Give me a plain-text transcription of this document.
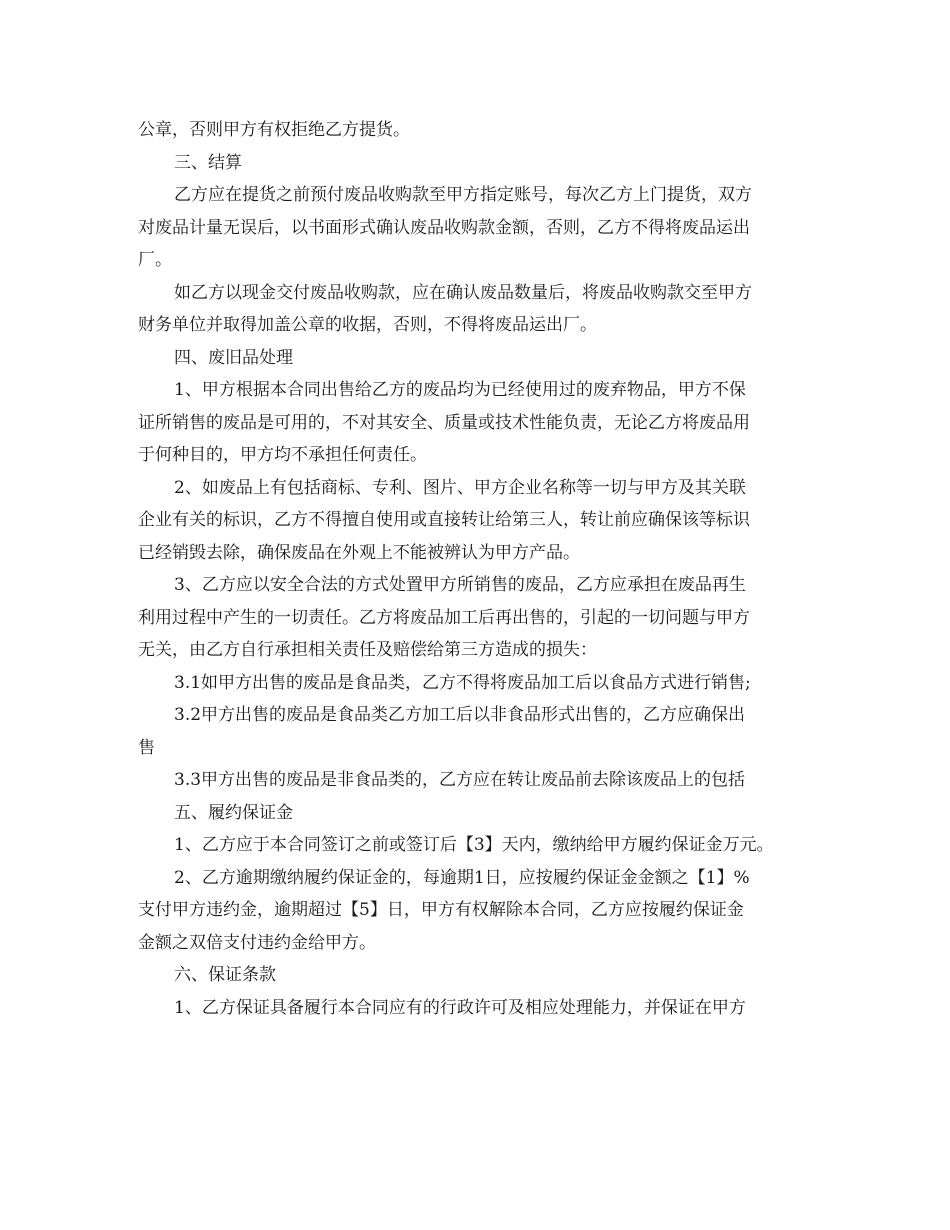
公章，否则甲方有权拒绝乙方提货。
三、结算
乙方应在提货之前预付废品收购款至甲方指定账号，每次乙方上门提货，双方
对废品计量无误后，以书面形式确认废品收购款金额，否则，乙方不得将废品运出
厂。
如乙方以现金交付废品收购款，应在确认废品数量后，将废品收购款交至甲方
财务单位并取得加盖公章的收据，否则，不得将废品运出厂。
四、废旧品处理
1、甲方根据本合同出售给乙方的废品均为已经使用过的废弃物品，甲方不保
证所销售的废品是可用的，不对其安全、质量或技术性能负责，无论乙方将废品用
于何种目的，甲方均不承担任何责任。
2、如废品上有包括商标、专利、图片、甲方企业名称等一切与甲方及其关联
企业有关的标识，乙方不得擅自使用或直接转让给第三人，转让前应确保该等标识
已经销毁去除，确保废品在外观上不能被辨认为甲方产品。
3、乙方应以安全合法的方式处置甲方所销售的废品，乙方应承担在废品再生
利用过程中产生的一切责任。乙方将废品加工后再出售的，引起的一切问题与甲方
无关，由乙方自行承担相关责任及赔偿给第三方造成的损失：
3.1如甲方出售的废品是食品类，乙方不得将废品加工后以食品方式进行销售;
3.2甲方出售的废品是食品类乙方加工后以非食品形式出售的，乙方应确保出
售
3.3甲方出售的废品是非食品类的，乙方应在转让废品前去除该废品上的包括
五、履约保证金
1、乙方应于本合同签订之前或签订后【3】天内，缴纳给甲方履约保证金万元。
2、乙方逾期缴纳履约保证金的，每逾期1日，应按履约保证金金额之【1】%
支付甲方违约金，逾期超过【5】日，甲方有权解除本合同，乙方应按履约保证金
金额之双倍支付违约金给甲方。
六、保证条款
1、乙方保证具备履行本合同应有的行政许可及相应处理能力，并保证在甲方
